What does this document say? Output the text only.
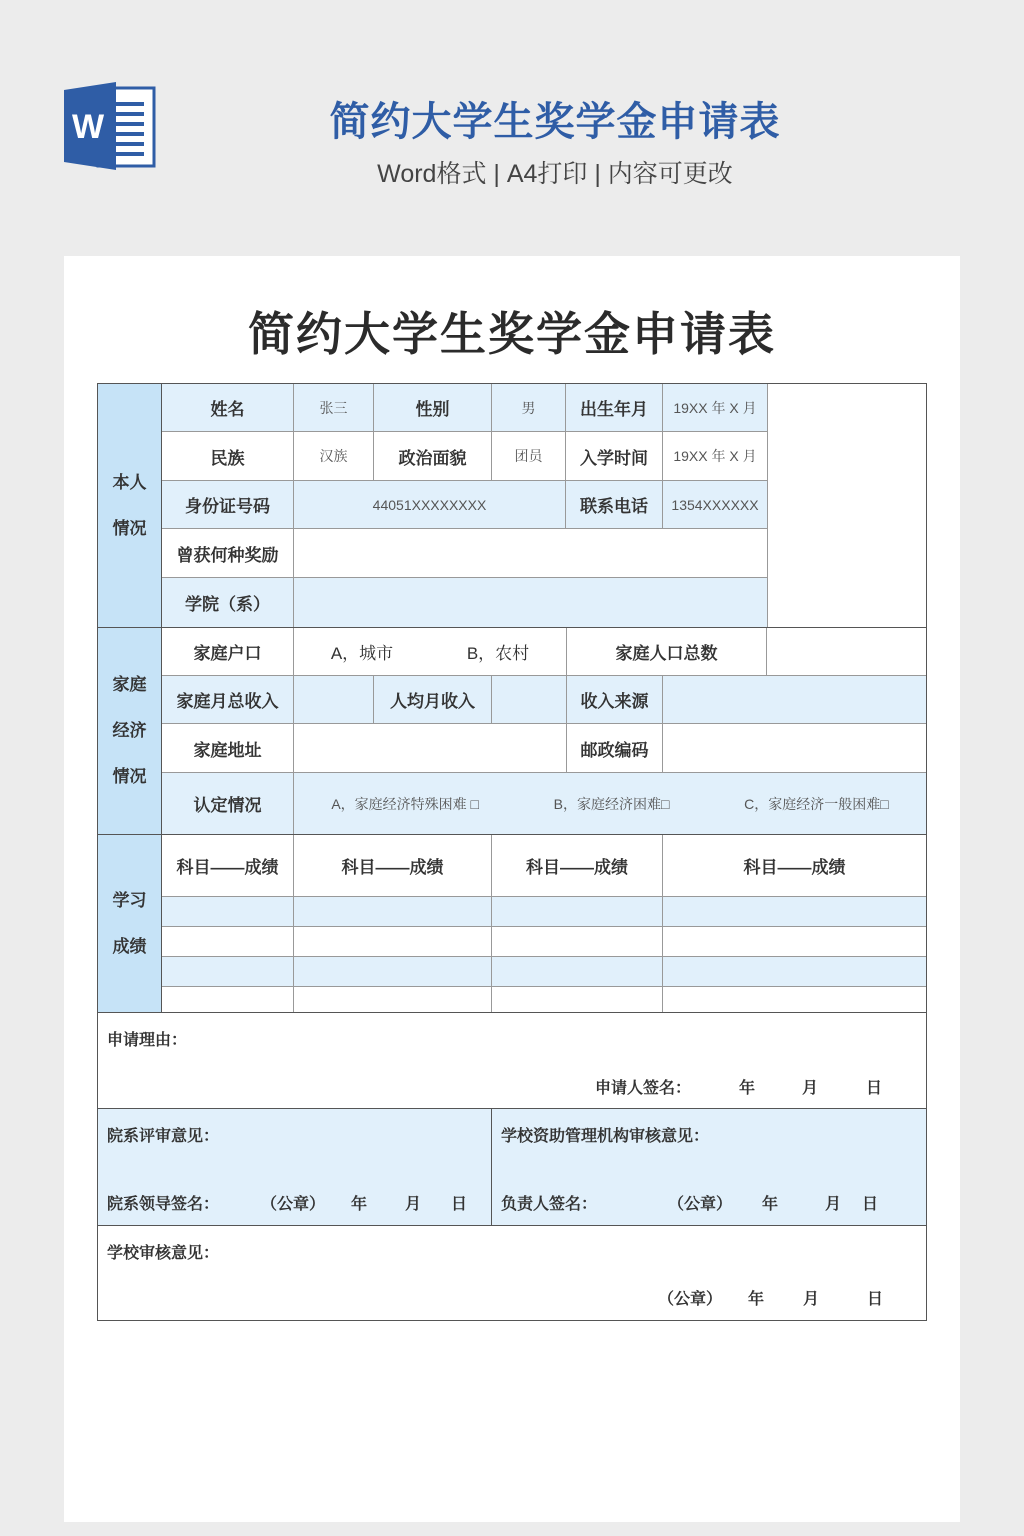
W	简约大学生奖学金申请表
Word格式 | A4打印 | 内容可更改
简约大学生奖学金申请表
本人
情况
姓名	张三	性别	男	出生年月	19XX 年 X 月
民族	汉族	政治面貌	团员	入学时间	19XX 年 X 月
身份证号码	44051XXXXXXXX	联系电话	1354XXXXXX
曾获何种奖励
学院（系）
家庭
经济
情况
家庭户口	A，城市	B，农村	家庭人口总数
家庭月总收入	人均月收入	收入来源
家庭地址	邮政编码
认定情况	A，家庭经济特殊困难 □	B，家庭经济困难□	C，家庭经济一般困难□
学习
成绩
科目——成绩	科目——成绩	科目——成绩	科目——成绩
申请理由：
申请人签名：	年	月	日
院系评审意见：
院系领导签名：	（公章） 年 月 日
学校资助管理机构审核意见：
负责人签名：	（公章） 年	月 日
学校审核意见：
（公章） 年 月	日
